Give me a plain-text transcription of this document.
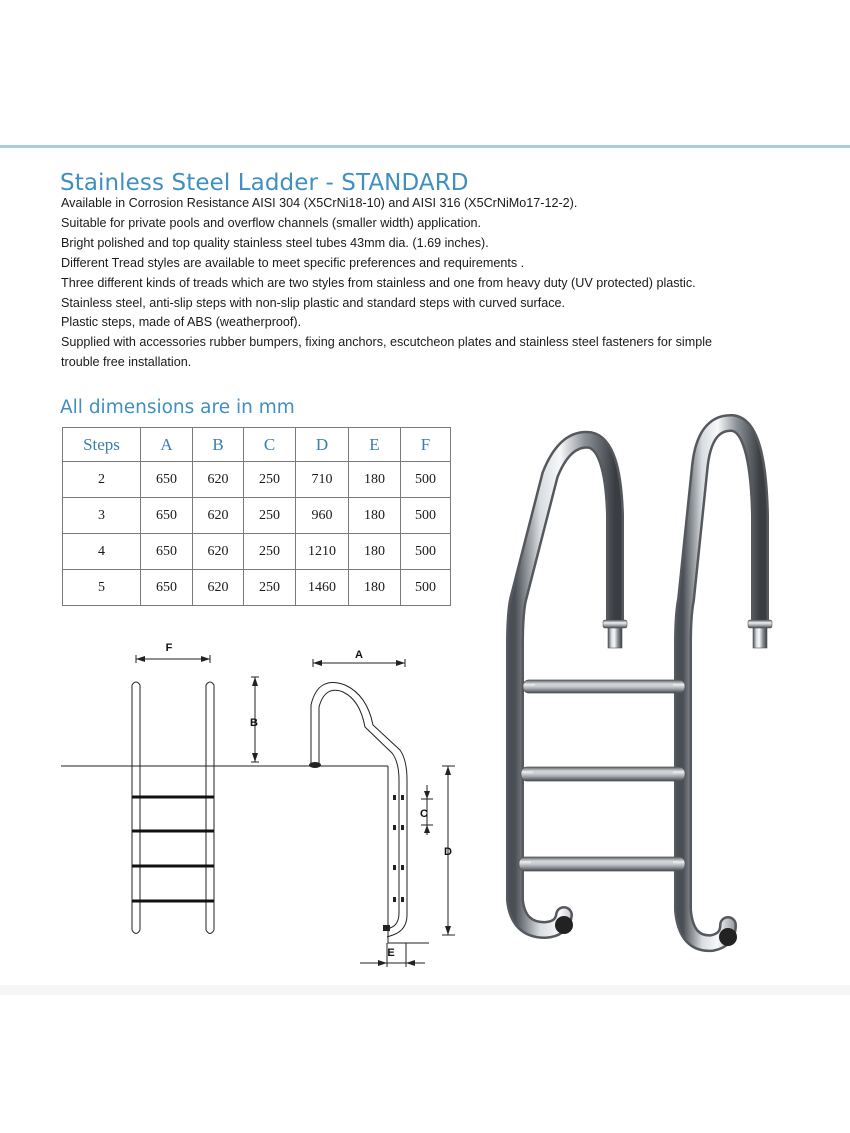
Stainless Steel Ladder - STANDARD
Available in Corrosion Resistance AISI 304 (X5CrNi18-10) and AISI 316 (X5CrNiMo17-12-2).
Suitable for private pools and overflow channels (smaller width) application.
Bright polished and top quality stainless steel tubes 43mm dia. (1.69 inches).
Different Tread styles are available to meet specific preferences and requirements .
Three different kinds of treads which are two styles from stainless and one from heavy duty (UV protected) plastic.
Stainless steel, anti-slip steps with non-slip plastic and standard steps with curved surface.
Plastic steps, made of ABS (weatherproof).
Supplied with accessories rubber bumpers, fixing anchors, escutcheon plates and stainless steel fasteners for simple
trouble free installation.
All dimensions are in mm
Steps	A	B	C	D	E	F
2	650	620	250	710	180	500
3	650	620	250	960	180	500
4	650	620	250	1210	180	500
5	650	620	250	1460	180	500
F
A
B
C
D
E
